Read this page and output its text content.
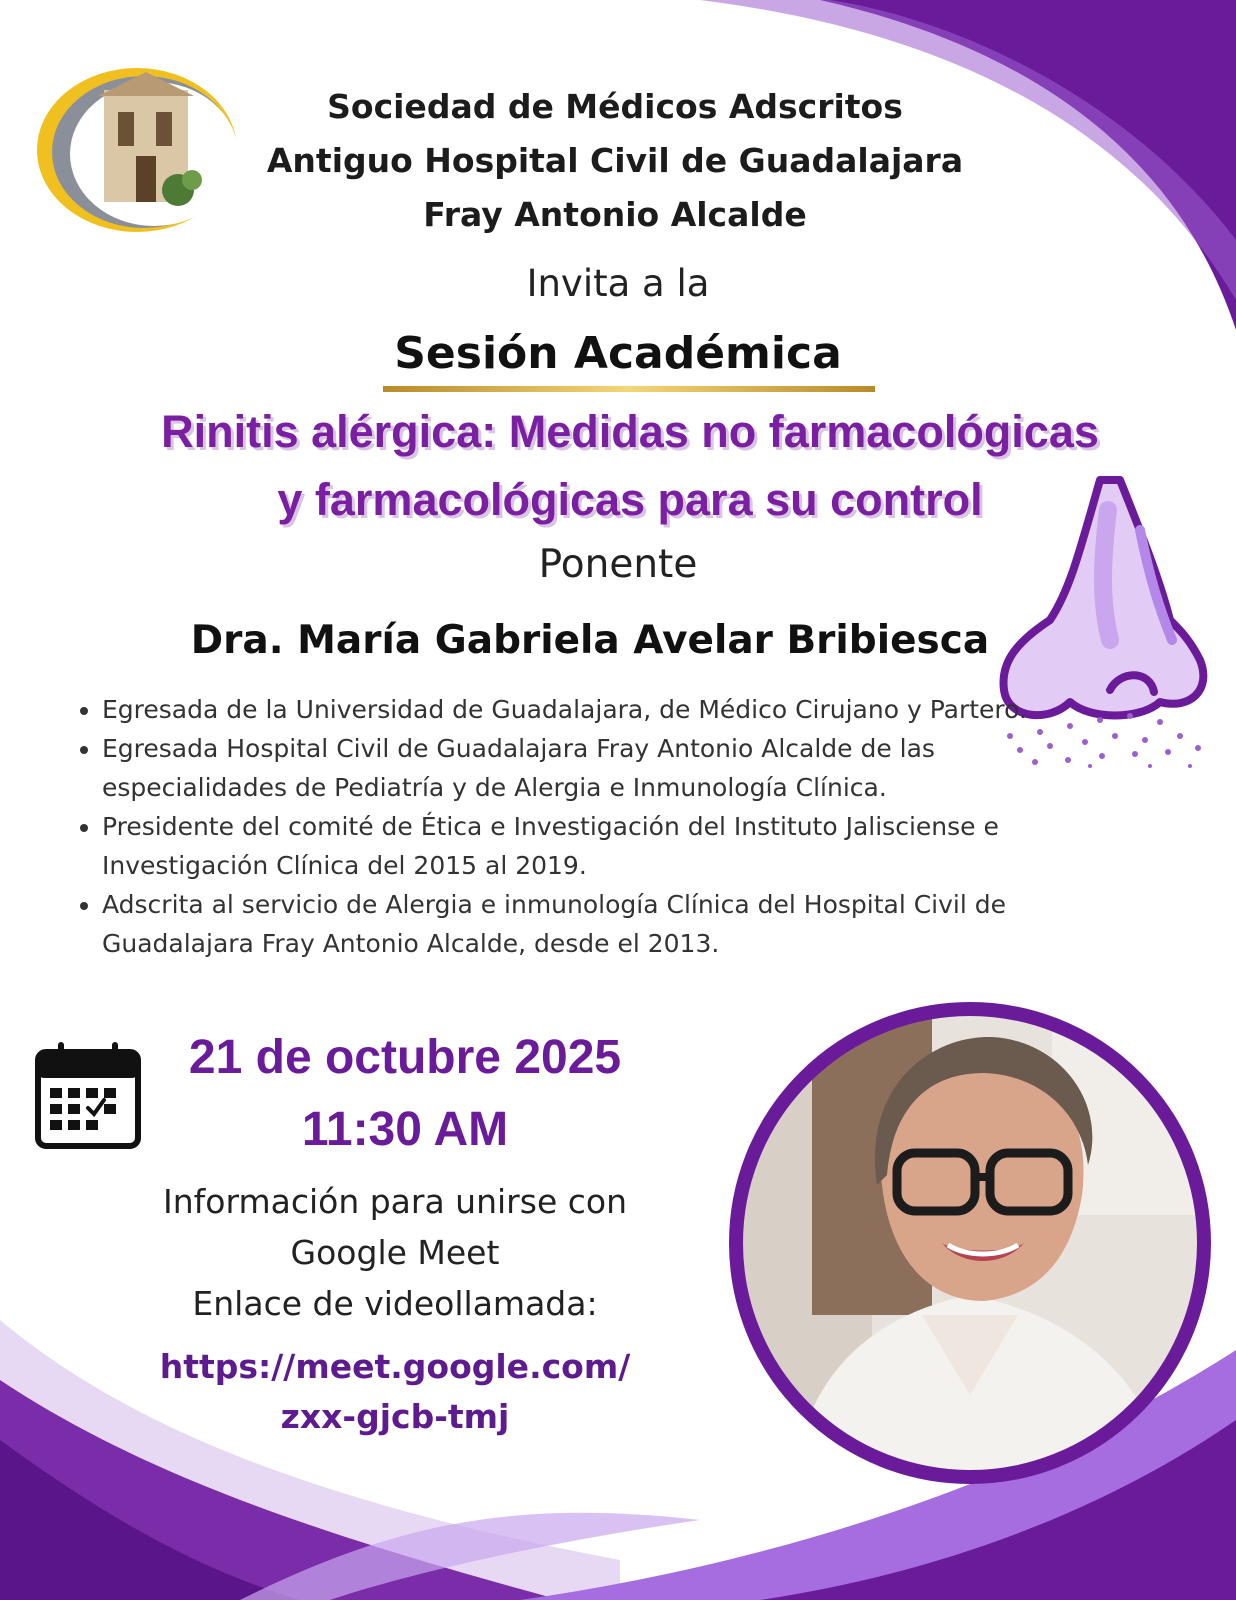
Sociedad de Médicos Adscritos
Antiguo Hospital Civil de Guadalajara
Fray Antonio Alcalde
Invita a la
Sesión Académica
Rinitis alérgica: Medidas no farmacológicas
y farmacológicas para su control
Ponente
Dra. María Gabriela Avelar Bribiesca
• Egresada de la Universidad de Guadalajara, de Médico Cirujano y Partero.
• Egresada Hospital Civil de Guadalajara Fray Antonio Alcalde de las especialidades de Pediatría y de Alergia e Inmunología Clínica.
• Presidente del comité de Ética e Investigación del Instituto Jalisciense e Investigación Clínica del 2015 al 2019.
• Adscrita al servicio de Alergia e inmunología Clínica del Hospital Civil de Guadalajara Fray Antonio Alcalde, desde el 2013.
21 de octubre 2025
11:30 AM
Información para unirse con
Google Meet
Enlace de videollamada:
https://meet.google.com/
zxx-gjcb-tmj
